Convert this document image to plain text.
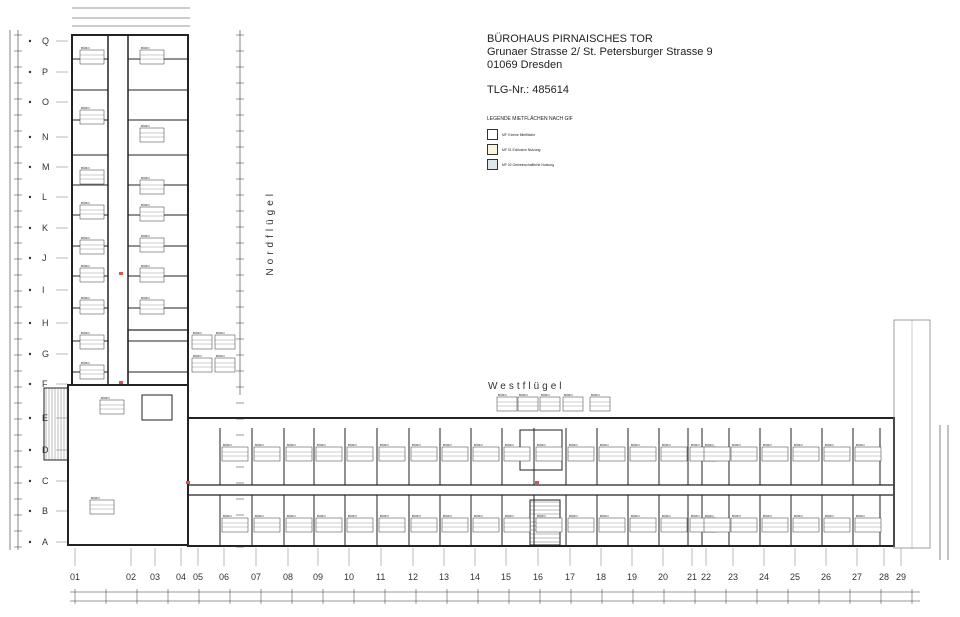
BÜRO	BÜRO
BÜRO
BÜRO
BÜRO
BÜRO
BÜRO	BÜRO
BÜRO	BÜRO
BÜRO	BÜRO
BÜRO	BÜRO
BÜRO
BÜRO
BÜRO
BÜRO
BÜRO
BÜRO
BÜRO
BÜRO
BÜRO
BÜRO
BÜRO
BÜRO
BÜRO
BÜRO
BÜRO
BÜRO
BÜRO
BÜRO
BÜRO
BÜRO
BÜRO
BÜRO
BÜRO
BÜRO
BÜRO
BÜRO
BÜRO
BÜRO
BÜRO
BÜRO
BÜRO
BÜRO
BÜRO
BÜRO
BÜRO
BÜRO
BÜRO
BÜRO
BÜRO
BÜRO
BÜRO
BÜRO
BÜRO
BÜRO
BÜRO
BÜRO
BÜRO
BÜRO
BÜRO	BÜRO	BÜRO	BÜRO	BÜRO
BÜRO	BÜRO
BÜRO	BÜRO
Q
P
O
N
M
L
K
J
I
H
G
F
E
D
C
B
A
01	02 03 04 05 06 07 08 09 10 11	12 13 14 15 16 17 18 19 20 21 22 23 24 25 26 27 28 29
BÜROHAUS PIRNAISCHES TOR
Grunaer Strasse 2/ St. Petersburger Strasse 9
01069 Dresden
TLG-Nr.: 485614
LEGENDE MIETFLÄCHEN NACH GIF
MF 0 keine Mietfläche
MF 01 Exklusive Nutzung
MF 02 Gemeinschaftliche Nutzung
Westflügel
Nordflügel
